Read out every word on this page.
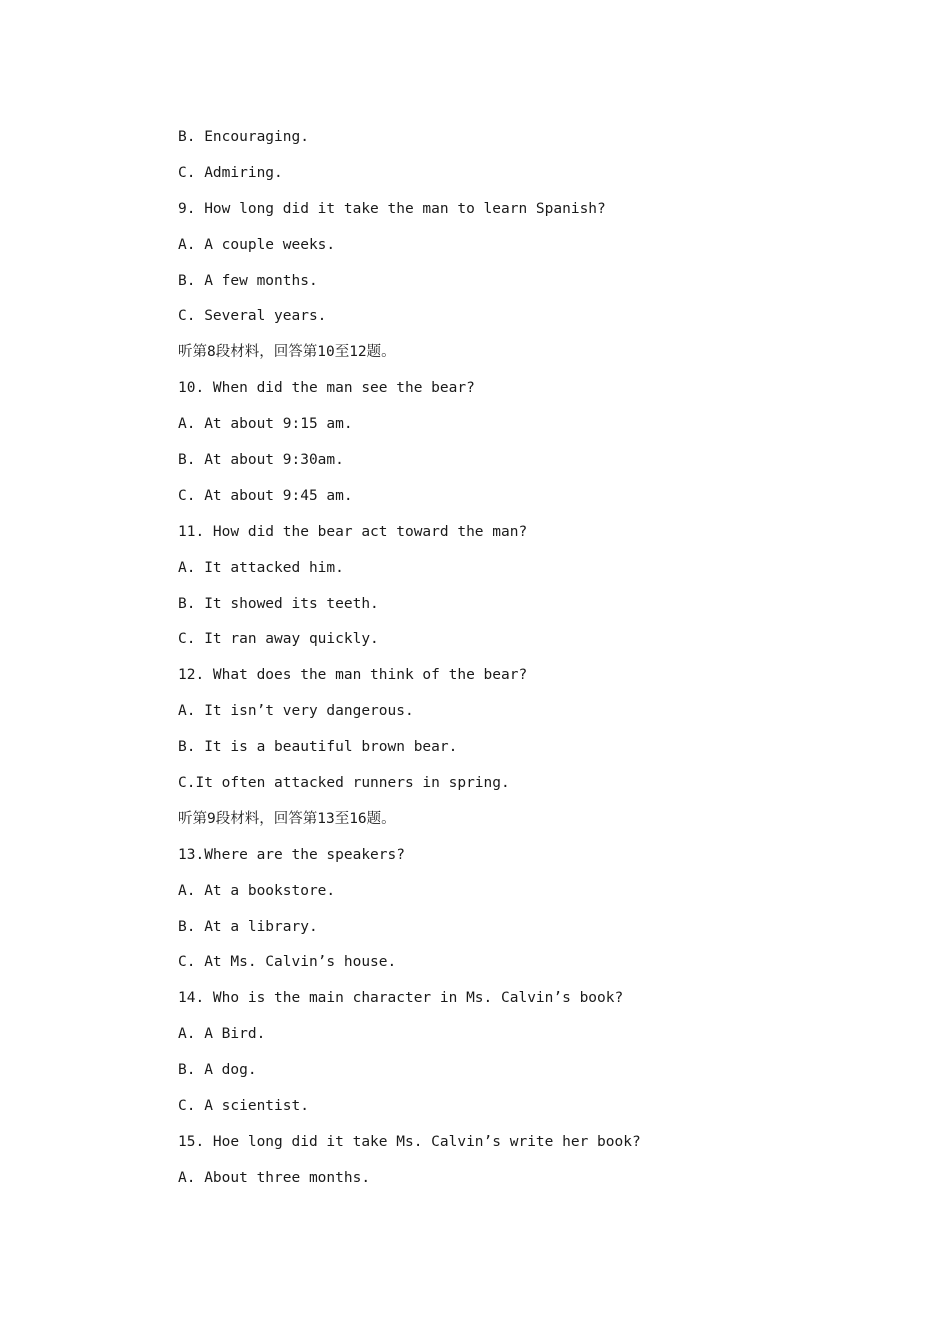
B. Encouraging.
C. Admiring.
9. How long did it take the man to learn Spanish?
A. A couple weeks.
B. A few months.
C. Several years.
听第8段材料，回答第10至12题。
10. When did the man see the bear?
A. At about 9:15 am.
B. At about 9:30am.
C. At about 9:45 am.
11. How did the bear act toward the man?
A. It attacked him.
B. It showed its teeth.
C. It ran away quickly.
12. What does the man think of the bear?
A. It isn’t very dangerous.
B. It is a beautiful brown bear.
C.It often attacked runners in spring.
听第9段材料，回答第13至16题。
13.Where are the speakers?
A. At a bookstore.
B. At a library.
C. At Ms. Calvin’s house.
14. Who is the main character in Ms. Calvin’s book?
A. A Bird.
B. A dog.
C. A scientist.
15. Hoe long did it take Ms. Calvin’s write her book?
A. About three months.
